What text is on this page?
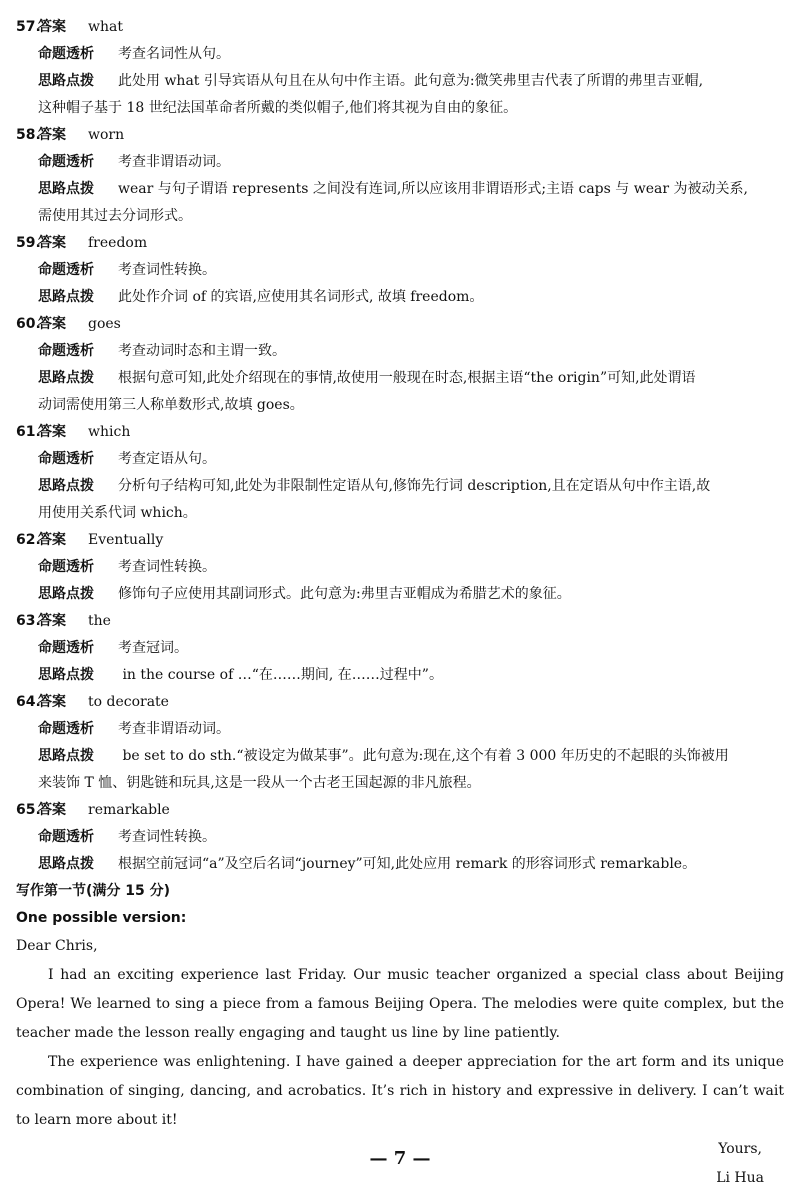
57.答案 what
命题透析 考查名词性从句。
思路点拨 此处用 what 引导宾语从句且在从句中作主语。此句意为:微笑弗里吉代表了所谓的弗里吉亚帽,
这种帽子基于 18 世纪法国革命者所戴的类似帽子,他们将其视为自由的象征。
58.答案 worn
命题透析 考查非谓语动词。
思路点拨 wear 与句子谓语 represents 之间没有连词,所以应该用非谓语形式;主语 caps 与 wear 为被动关系,
需使用其过去分词形式。
59.答案 freedom
命题透析 考查词性转换。
思路点拨 此处作介词 of 的宾语,应使用其名词形式, 故填 freedom。
60.答案 goes
命题透析 考查动词时态和主谓一致。
思路点拨 根据句意可知,此处介绍现在的事情,故使用一般现在时态,根据主语“the origin”可知,此处谓语
动词需使用第三人称单数形式,故填 goes。
61.答案 which
命题透析 考查定语从句。
思路点拨 分析句子结构可知,此处为非限制性定语从句,修饰先行词 description,且在定语从句中作主语,故
用使用关系代词 which。
62.答案 Eventually
命题透析 考查词性转换。
思路点拨 修饰句子应使用其副词形式。此句意为:弗里吉亚帽成为希腊艺术的象征。
63.答案 the
命题透析 考查冠词。
思路点拨 in the course of …“在……期间, 在……过程中”。
64.答案 to decorate
命题透析 考查非谓语动词。
思路点拨 be set to do sth.“被设定为做某事”。此句意为:现在,这个有着 3 000 年历史的不起眼的头饰被用
来装饰 T 恤、钥匙链和玩具,这是一段从一个古老王国起源的非凡旅程。
65.答案 remarkable
命题透析 考查词性转换。
思路点拨 根据空前冠词“a”及空后名词“journey”可知,此处应用 remark 的形容词形式 remarkable。
写作第一节(满分 15 分)
One possible version:

Dear Chris,

I had an exciting experience last Friday. Our music teacher organized a special class about Beijing Opera! We learned to sing a piece from a famous Beijing Opera. The melodies were quite complex, but the teacher made the lesson really engaging and taught us line by line patiently.

The experience was enlightening. I have gained a deeper appreciation for the art form and its unique combination of singing, dancing, and acrobatics. It’s rich in history and expressive in delivery. I can’t wait to learn more about it!

Yours,

Li Hua

— 7 —
